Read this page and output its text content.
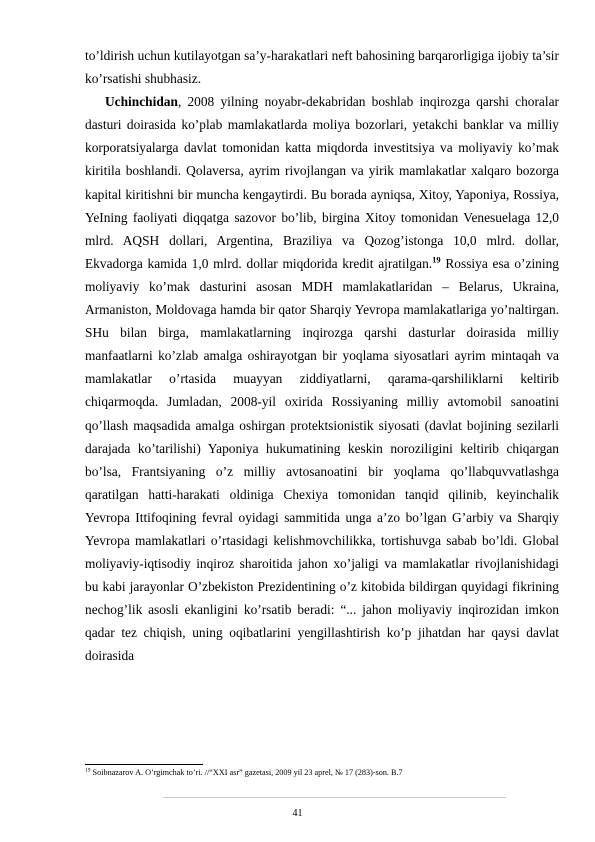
to’ldirish uchun kutilayotgan sa’y-harakatlari neft bahosining barqarorligiga ijobiy ta’sir ko’rsatishi shubhasiz.

Uchinchidan, 2008 yilning noyabr-dekabridan boshlab inqirozga qarshi choralar dasturi doirasida ko’plab mamlakatlarda moliya bozorlari, yetakchi banklar va milliy korporatsiyalarga davlat tomonidan katta miqdorda investitsiya va moliyaviy ko’mak kiritila boshlandi. Qolaversa, ayrim rivojlangan va yirik mamlakatlar xalqaro bozorga kapital kiritishni bir muncha kengaytirdi. Bu borada ayniqsa, Xitoy, Yaponiya, Rossiya, YeIning faoliyati diqqatga sazovor bo’lib, birgina Xitoy tomonidan Venesuelaga 12,0 mlrd. AQSH dollari, Argentina, Braziliya va Qozog’istonga 10,0 mlrd. dollar, Ekvadorga kamida 1,0 mlrd. dollar miqdorida kredit ajratilgan.$^{19}$ Rossiya esa o’zining moliyaviy ko’mak dasturini asosan MDH mamlakatlaridan – Belarus, Ukraina, Armaniston, Moldovaga hamda bir qator Sharqiy Yevropa mamlakatlariga yo’naltirgan. SHu bilan birga, mamlakatlarning inqirozga qarshi dasturlar doirasida milliy manfaatlarni ko’zlab amalga oshirayotgan bir yoqlama siyosatlari ayrim mintaqah va mamlakatlar o’rtasida muayyan ziddiyatlarni, qarama-qarshiliklarni keltirib chiqarmoqda. Jumladan, 2008-yil oxirida Rossiyaning milliy avtomobil sanoatini qo’llash maqsadida amalga oshirgan protektsionistik siyosati (davlat bojining sezilarli darajada ko’tarilishi) Yaponiya hukumatining keskin noroziligini keltirib chiqargan bo’lsa, Frantsiyaning o’z milliy avtosanoatini bir yoqlama qo’llabquvvatlashga qaratilgan hatti-harakati oldiniga Chexiya tomonidan tanqid qilinib, keyinchalik Yevropa Ittifoqining fevral oyidagi sammitida unga a’zo bo’lgan G’arbiy va Sharqiy Yevropa mamlakatlari o’rtasidagi kelishmovchilikka, tortishuvga sabab bo’ldi. Global moliyaviy-iqtisodiy inqiroz sharoitida jahon xo’jaligi va mamlakatlar rivojlanishidagi bu kabi jarayonlar O’zbekiston Prezidentining o’z kitobida bildirgan quyidagi fikrining nechog’lik asosli ekanligini ko’rsatib beradi: “... jahon moliyaviy inqirozidan imkon qadar tez chiqish, uning oqibatlarini yengillashtirish ko’p jihatdan har qaysi davlat doirasida

$^{19}$ Soibnazarov A. O’rgimchak to’ri. //“XXI asr” gazetasi, 2009 yil 23 aprel, № 17 (283)-son. B.7
41
